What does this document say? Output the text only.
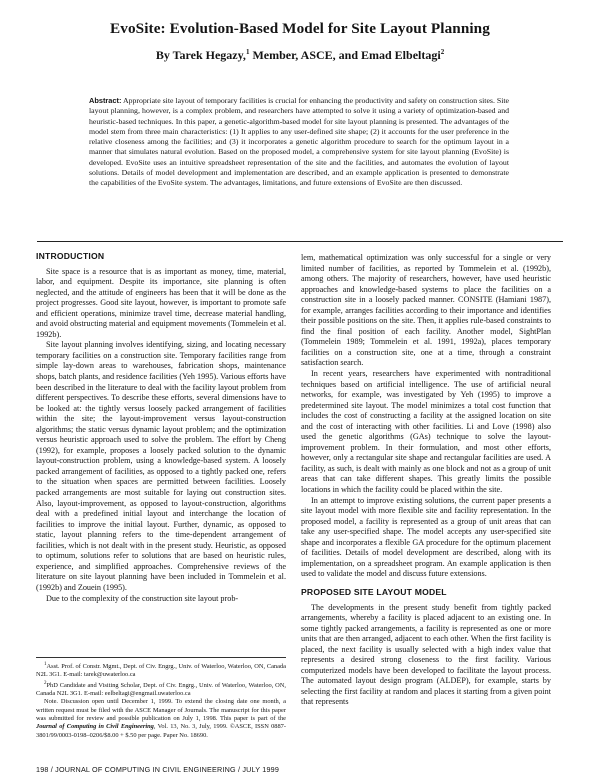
EvoSite: Evolution-Based Model for Site Layout Planning
By Tarek Hegazy,$^1$ Member, ASCE, and Emad Elbeltagi$^2$
Abstract: Appropriate site layout of temporary facilities is crucial for enhancing the productivity and safety on construction sites. Site layout planning, however, is a complex problem, and researchers have attempted to solve it using a variety of optimization-based and heuristic-based techniques. In this paper, a genetic-algorithm-based model for site layout planning is presented. The advantages of the model stem from three main characteristics: (1) It applies to any user-defined site shape; (2) it accounts for the user preference in the relative closeness among the facilities; and (3) it incorporates a genetic algorithm procedure to search for the optimum layout in a manner that simulates natural evolution. Based on the proposed model, a comprehensive system for site layout planning (EvoSite) is developed. EvoSite uses an intuitive spreadsheet representation of the site and the facilities, and automates the evolution of layout solutions. Details of model development and implementation are described, and an example application is presented to demonstrate the capabilities of the EvoSite system. The advantages, limitations, and future extensions of EvoSite are then discussed.
INTRODUCTION

Site space is a resource that is as important as money, time, material, labor, and equipment. Despite its importance, site planning is often neglected, and the attitude of engineers has been that it will be done as the project progresses. Good site layout, however, is important to promote safe and efficient operations, minimize travel time, decrease material handling, and avoid obstructing material and equipment movements (Tommelein et al. 1992b).

Site layout planning involves identifying, sizing, and locating necessary temporary facilities on a construction site. Temporary facilities range from simple lay-down areas to warehouses, fabrication shops, maintenance shops, batch plants, and residence facilities (Yeh 1995). Various efforts have been described in the literature to deal with the facility layout problem from different perspectives. To describe these efforts, several dimensions have to be looked at: the tightly versus loosely packed arrangement of facilities within the site; the layout-improvement versus layout-construction algorithms; the static versus dynamic layout problem; and the optimization versus heuristic approach used to solve the problem. The effort by Cheng (1992), for example, proposes a loosely packed solution to the dynamic layout-construction problem, using a knowledge-based system. A loosely packed arrangement of facilities, as opposed to a tightly packed one, refers to the situation when spaces are permitted between facilities. Loosely packed arrangements are most suitable for laying out construction sites. Also, layout-improvement, as opposed to layout-construction, algorithms deal with a predefined initial layout and interchange the location of facilities to improve the initial layout. Further, dynamic, as opposed to static, layout planning refers to the time-dependent arrangement of facilities, which is not dealt with in the present study. Heuristic, as opposed to optimum, solutions refer to solutions that are based on heuristic rules, experience, and simplified approaches. Comprehensive reviews of the literature on site layout planning have been included in Tommelein et al. (1992b) and Zouein (1995).

Due to the complexity of the construction site layout prob-

$^1$Asst. Prof. of Constr. Mgmt., Dept. of Civ. Engrg., Univ. of Waterloo, Waterloo, ON, Canada N2L 3G1. E-mail: tarek@uwaterloo.ca

$^2$PhD Candidate and Visiting Scholar, Dept. of Civ. Engrg., Univ. of Waterloo, Waterloo, ON, Canada N2L 3G1. E-mail: eelbeltagi@engmail.uwaterloo.ca

Note. Discussion open until December 1, 1999. To extend the closing date one month, a written request must be filed with the ASCE Manager of Journals. The manuscript for this paper was submitted for review and possible publication on July 1, 1998. This paper is part of the Journal of Computing in Civil Engineering, Vol. 13, No. 3, July, 1999. ©ASCE, ISSN 0887-3801/99/0003-0198–0206/$8.00 + $.50 per page. Paper No. 18690.

lem, mathematical optimization was only successful for a single or very limited number of facilities, as reported by Tommelein et al. (1992b), among others. The majority of researchers, however, have used heuristic approaches and knowledge-based systems to place the facilities on a construction site in a loosely packed manner. CONSITE (Hamiani 1987), for example, arranges facilities according to their importance and identifies their possible positions on the site. Then, it applies rule-based constraints to find the final position of each facility. Another model, SightPlan (Tommelein 1989; Tommelein et al. 1991, 1992a), places temporary facilities on a construction site, one at a time, through a constraint satisfaction search.

In recent years, researchers have experimented with nontraditional techniques based on artificial intelligence. The use of artificial neural networks, for example, was investigated by Yeh (1995) to improve a predetermined site layout. The model minimizes a total cost function that includes the cost of constructing a facility at the assigned location on site and the cost of interacting with other facilities. Li and Love (1998) also used the genetic algorithms (GAs) technique to solve the layout-improvement problem. In their formulation, and most other efforts, however, only a rectangular site shape and rectangular facilities are used. A facility, as such, is dealt with mainly as one block and not as a group of unit areas that can take different shapes. This greatly limits the possible locations in which the facility could be placed within the site.

In an attempt to improve existing solutions, the current paper presents a site layout model with more flexible site and facility representation. In the proposed model, a facility is represented as a group of unit areas that can take any user-specified shape. The model accepts any user-specified site shape and incorporates a flexible GA procedure for the optimum placement of facilities. Details of model development are described, along with its implementation, on a spreadsheet program. An example application is then used to validate the model and discuss future extensions.

PROPOSED SITE LAYOUT MODEL

The developments in the present study benefit from tightly packed arrangements, whereby a facility is placed adjacent to an existing one. In some tightly packed arrangements, a facility is represented as one or more units that are then arranged, adjacent to each other. When the first facility is placed, the next facility is usually selected with a high index value that represents a desired strong closeness to the first facility. Various computerized models have been developed to facilitate the layout process. The automated layout design program (ALDEP), for example, starts by selecting the first facility at random and places it starting from a given point that represents

198 / JOURNAL OF COMPUTING IN CIVIL ENGINEERING / JULY 1999
